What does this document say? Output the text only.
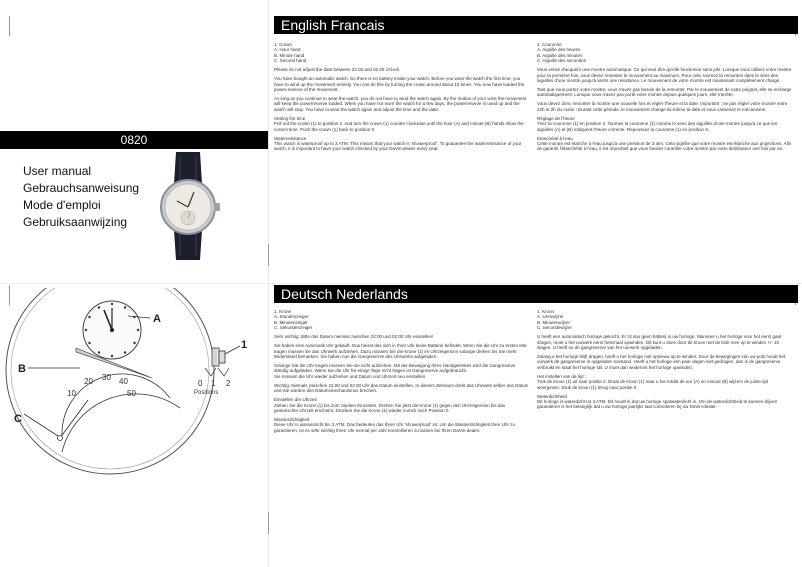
0820
User manual
Gebrauchsanweisung
Mode d'emploi
Gebruiksaanwijzing
English Francais

1. Crown
A. Hour hand
B. Minute hand
C. Second hand

Please do not adjust the date between 22.00 and 02.00 o'clock.

You have bought an automatic watch. So there is no battery inside your watch. Before you wear the watch the first time, you have to wind up the movement entirely. You can do this by turning the crown around about 15 times. You now have loaded the power-reserve of the movement.

As long as you continue to wear the watch, you do not have to wind the watch again. By the motion of your wrist the movement will keep the powerreserve loaded. When you have not worn the watch for a few days, the powerreserve in used up and the watch will stop. You have to wind the watch again and adjust the time and the date.

Setting the time
Pull out the crown (1) to position 2. And turn the crown (1) counter clockwise until the hour (A) and minute (B) hands show the correct time. Push the crown (1) back to position 0.

Waterresistance
This watch is waterproof up to 3 ATM. This means that your watch is 'showerproof'. To guarantee the waterresistance of your watch, it is important to have your watch checked by your DaVin-dealer every year.

1. Couronne
A. Aiguille des heures
B. Aiguille des minutes
C. Aiguille des secondes

Vous venez d'acquérir une montre automatique. Ce qui veut dire qu'elle fonctionne sans pile. Lorsque vous utilisez votre montre pour la première fois, vous devez remonter le mouvement au maximum. Pour cela, tournez la remontoir dans le sens des aiguilles d'une montre jusqu'à sentir une résistance. Le mouvement de votre montre est maintenant complètement chargé.

Tant que vous portez votre montre, vous n'avez pas besoin de la remonter. Par le mouvement de votre poignet, elle se recharge automatiquement. Lorsque vous n'avez pas porté votre montre depuis quelques jours, elle s'arrête.

Vous devez donc remonter la montre une nouvelle fois et régler l'heure et la date. Important : ne pas régler votre montre entre 22h et 2h du matin ! Durant cette période, le mouvement change lui-même la date et vous casseriez le mécanisme.

Réglage de l'heure
Tirez la couronne (1) en position 2. Tournez la couronne (1) comme le sens des aiguilles d'une montre jusqu'à ce que les aiguilles (A) et (B) indiquent l'heure correcte. Repoussez la couronne (1) en position 0.

Etanchéité à l'eau
Cette montre est étanche à l'eau jusqu'à une pression de 3 atm. Cela signifie que votre montre est étanche aux projections. Afin de garantir l'étanchéité à l'eau, il est important que vous fassiez contrôler votre montre par votre distributeur une fois par an.

Deutsch Nederlands

1. Krone
A. Stundenzeiger
B. Minutenzeiger
C. Sekundenzeiger

Sehr wichtig: Bitte das Datum niemals zwischen 22:00 und 02:00 Uhr einstellen!

Sie haben eine Automatik Uhr gekauft. Das heisst das sich in Ihrer Uhr keine Batterie befindet. Wenn Sie die Uhr zu ersten Mal tragen müssen sie das Uhrwerk aufziehen. Dazu müssen Sie die Krone (1) im Uhrzeigersinn solange drehen bis Sie mehr Widerstand bemerken. Sie haben nun die Gangreserve des Uhrwerks aufgeladen.

Solange Sie die Uhr tragen müssen Sie sie nicht aufziehen. Mit der Bewegung Ihres Handgelenkes wird die Gangreserve ständig aufgeladen. Wenn Sie die Uhr für einige Tage nicht tragen ist Gangreserve aufgebraucht.
Sie müssen die Uhr wieder aufziehen und Datum und Uhrzeit neu einstellen.

Wichtig: Niemals zwischen 22.00 und 03.00 Uhr das Datum einstellen. In diesem Zeitraum dreht das Uhrwerk selber das Datum und Sie würden den Datumsmechanismus brechen.

Einstellen der Uhrzeit
Ziehen Sie die Krone (1) bis zum zweiten Einrasten. Drehen Sie jetzt die Krone (1) gegen den Uhrzeigersinn bis das gewünschte Uhrzeit erscheint. Drücken Sie die Krone (1) wieder zurück nach Position 0.

Wasserdichtigkeit
Diese Uhr is wasserdicht bis 3 ATM. Das bedeuten das Ihren Uhr 'showerproof' ist. Um die Wasserdichtigkeit Ihrer Uhr zu garantieren, ist es sehr wichtig Ihren Uhr einmal per Jahr kontrollieren zu lassen bei Ihren DaVin-dealer.

1. Kroon
A. Urenwijzer
B. Minutenwijzer
C. Secondewijzer

U heeft een automatisch horloge gekocht. Er zit dus geen batterij in uw horloge. Wanneer u het horloge voor het eerst gaat dragen, moet u het uurwerk eerst helemaal opwinden. Dit kunt u doen door de kroon met de klok mee op te winden +/- 15 slagen. U heeft nu de gangreserve van het uurwerk opgeladen.

Zolang u het horloge blijft dragen, hoeft u het horloge niet opnieuw op te winden. Door de bewegingen van uw pols houdt het uurwerk de gangreserve in opgeladen toestand. Heeft u het horloge een paar dagen niet gedragen, dan is de gangreserve verbruikt en staat het horloge stil. U moet dan wederom het horloge opwinden.

Het instellen van de tijd :
Trek de kroon (1) uit naar positie 2. Draai de kroon (1) naar u toe totdat de uur (A) en minuut (B) wijzers de juiste tijd weergeven. Druk de kroon (1) terug naar positie 0.

Waterdichtheid
Dit horloge is waterdicht tot 3 ATM. Dit houdt in dat uw horloge spatwaterdicht is. Om de waterdichtheid te kunnen blijven garanderen is het belangrijk dat u uw horloge jaarlijks laat controleren bij uw DaVin-dealer.

A
B
10
20 30 40
50
C
1
0 1 2
Positions
